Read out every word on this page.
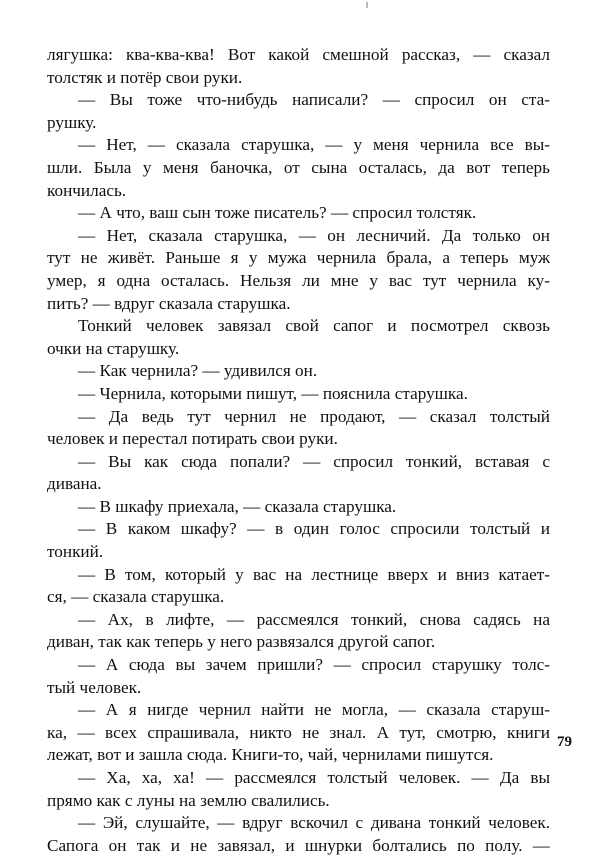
лягушка: ква-ква-ква! Вот какой смешной рассказ, — сказал
толстяк и потёр свои руки.
— Вы тоже что-нибудь написали? — спросил он ста-
рушку.
— Нет, — сказала старушка, — у меня чернила все вы-
шли. Была у меня баночка, от сына осталась, да вот теперь
кончилась.
— А что, ваш сын тоже писатель? — спросил толстяк.
— Нет, сказала старушка, — он лесничий. Да только он
тут не живёт. Раньше я у мужа чернила брала, а теперь муж
умер, я одна осталась. Нельзя ли мне у вас тут чернила ку-
пить? — вдруг сказала старушка.
Тонкий человек завязал свой сапог и посмотрел сквозь
очки на старушку.
— Как чернила? — удивился он.
— Чернила, которыми пишут, — пояснила старушка.
— Да ведь тут чернил не продают, — сказал толстый
человек и перестал потирать свои руки.
— Вы как сюда попали? — спросил тонкий, вставая с
дивана.
— В шкафу приехала, — сказала старушка.
— В каком шкафу? — в один голос спросили толстый и
тонкий.
— В том, который у вас на лестнице вверх и вниз катает-
ся, — сказала старушка.
— Ах, в лифте, — рассмеялся тонкий, снова садясь на
диван, так как теперь у него развязался другой сапог.
— А сюда вы зачем пришли? — спросил старушку толс-
тый человек.
— А я нигде чернил найти не могла, — сказала старуш-
ка, — всех спрашивала, никто не знал. А тут, смотрю, книги
лежат, вот и зашла сюда. Книги-то, чай, чернилами пишутся.
— Ха, ха, ха! — рассмеялся толстый человек. — Да вы
прямо как с луны на землю свалились.
— Эй, слушайте, — вдруг вскочил с дивана тонкий человек.
Сапога он так и не завязал, и шнурки болтались по полу. —
79
